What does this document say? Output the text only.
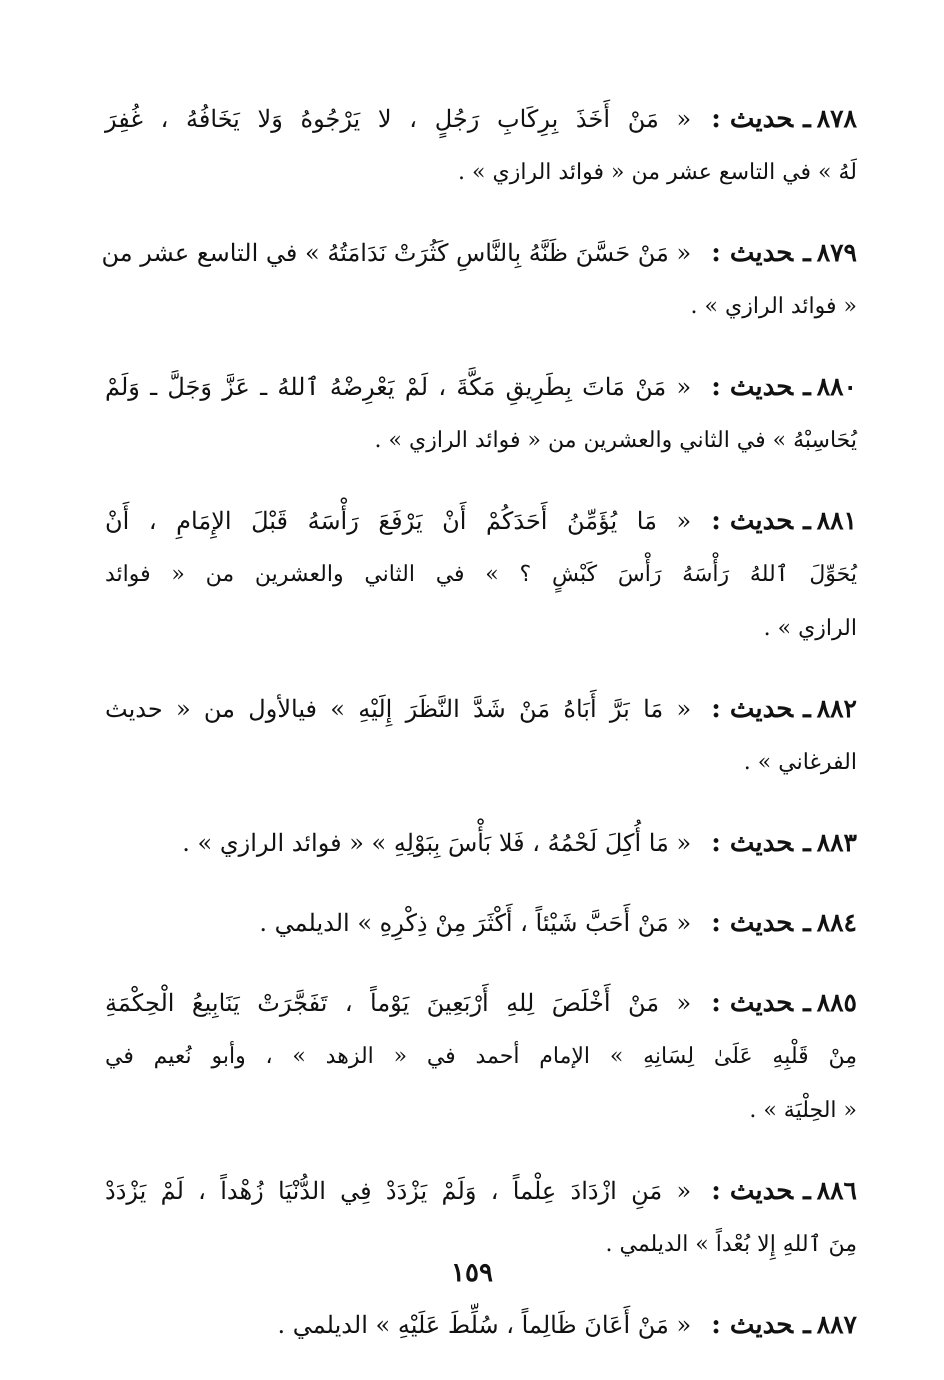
٨٧٨ـحديث :
« مَنْ أَخَذَ بِرِكَابِ رَجُلٍ ، لا يَرْجُوهُ وَلا يَخَافُهُ ، غُفِرَ
لَهُ » في التاسع عشر من « فوائد الرازي » .
٨٧٩ـحديث :
« مَنْ حَسَّنَ ظَنَّهُ بِالنَّاسِ كَثُرَتْ نَدَامَتُهُ » في التاسع عشر من
« فوائد الرازي » .
٨٨٠ـحديث :
« مَنْ مَاتَ بِطَرِيقِ مَكَّةَ ، لَمْ يَعْرِضْهُ ٱللهُ ـ عَزَّ وَجَلَّ ـ وَلَمْ
يُحَاسِبْهُ » في الثاني والعشرين من « فوائد الرازي » .
٨٨١ـحديث :
« مَا يُؤَمِّنُ أَحَدَكُمْ أَنْ يَرْفَعَ رَأْسَهُ قَبْلَ الإِمَامِ ، أَنْ
يُحَوِّلَ ٱللهُ رَأْسَهُ رَأْسَ كَبْشٍ ؟ » في الثاني والعشرين من « فوائد
الرازي » .
٨٨٢ـحديث :
« مَا بَرَّ أَبَاهُ مَنْ شَدَّ النَّظَرَ إِلَيْهِ » فيالأول من « حديث
الفرغاني » .
٨٨٣ـحديث :
« مَا أُكِلَ لَحْمُهُ ، فَلا بَأْسَ بِبَوْلِهِ » « فوائد الرازي » .
٨٨٤ـحديث :
« مَنْ أَحَبَّ شَيْئاً ، أَكْثَرَ مِنْ ذِكْرِهِ » الديلمي .
٨٨٥ـحديث :
« مَنْ أَخْلَصَ لِلهِ أَرْبَعِينَ يَوْماً ، تَفَجَّرَتْ يَنَابِيعُ الْحِكْمَةِ
مِنْ قَلْبِهِ عَلَىٰ لِسَانِهِ » الإمام أحمد في « الزهد » ، وأبو نُعيم في
« الحِلْيَة » .
٨٨٦ـحديث :
« مَنِ ازْدَادَ عِلْماً ، وَلَمْ يَزْدَدْ فِي الدُّنْيَا زُهْداً ، لَمْ يَزْدَدْ
مِنَ ٱللهِ إِلا بُعْداً » الديلمي .
٨٨٧ـحديث :
« مَنْ أَعَانَ ظَالِماً ، سُلِّطَ عَلَيْهِ » الديلمي .
١٥٩
